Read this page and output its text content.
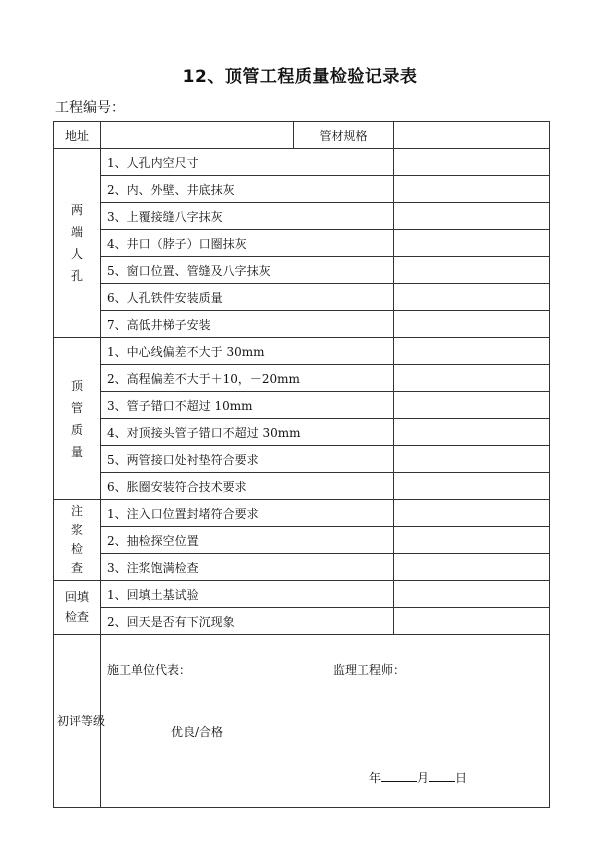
12、顶管工程质量检验记录表
工程编号：
地址		管材规格	
两端人孔	1、人孔内空尺寸		
	2、内、外壁、井底抹灰		
	3、上覆接缝八字抹灰		
	4、井口（脖子）口圈抹灰		
	5、窗口位置、管缝及八字抹灰		
	6、人孔铁件安装质量		
	7、高低井梯子安装		
顶管质量	1、中心线偏差不大于 30mm		
	2、高程偏差不大于＋10，－20mm		
	3、管子错口不超过 10mm		
	4、对顶接头管子错口不超过 30mm		
	5、两管接口处衬垫符合要求		
	6、胀圈安装符合技术要求		
注浆检查	1、注入口位置封堵符合要求		
	2、抽检探空位置		
	3、注浆饱满检查		
回填检查	1、回填土基试验		
	2、回天是否有下沉现象		
初评等级	施工单位代表： 监理工程师：
优良/合格
年 月 日		
